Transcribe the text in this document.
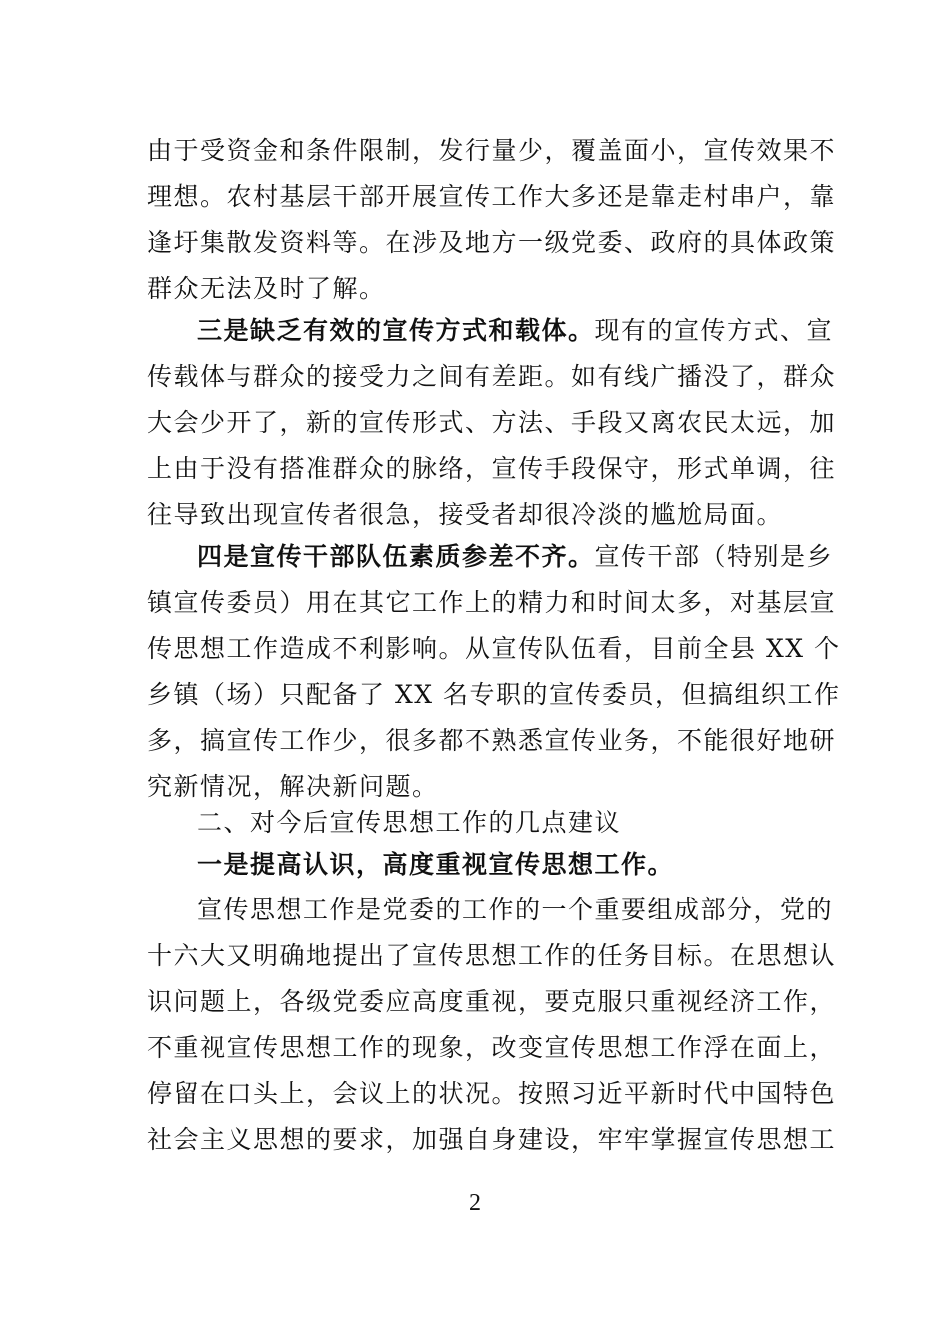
由于受资金和条件限制，发行量少，覆盖面小，宣传效果不
理想。农村基层干部开展宣传工作大多还是靠走村串户，靠
逢圩集散发资料等。在涉及地方一级党委、政府的具体政策
群众无法及时了解。
三是缺乏有效的宣传方式和载体。现有的宣传方式、宣
传载体与群众的接受力之间有差距。如有线广播没了，群众
大会少开了，新的宣传形式、方法、手段又离农民太远，加
上由于没有搭准群众的脉络，宣传手段保守，形式单调，往
往导致出现宣传者很急，接受者却很冷淡的尴尬局面。
四是宣传干部队伍素质参差不齐。宣传干部（特别是乡
镇宣传委员）用在其它工作上的精力和时间太多，对基层宣
传思想工作造成不利影响。从宣传队伍看，目前全县 XX 个
乡镇（场）只配备了 XX 名专职的宣传委员，但搞组织工作
多，搞宣传工作少，很多都不熟悉宣传业务，不能很好地研
究新情况，解决新问题。
二、对今后宣传思想工作的几点建议
一是提高认识，高度重视宣传思想工作。
宣传思想工作是党委的工作的一个重要组成部分，党的
十六大又明确地提出了宣传思想工作的任务目标。在思想认
识问题上，各级党委应高度重视，要克服只重视经济工作，
不重视宣传思想工作的现象，改变宣传思想工作浮在面上，
停留在口头上，会议上的状况。按照习近平新时代中国特色
社会主义思想的要求，加强自身建设，牢牢掌握宣传思想工
2
